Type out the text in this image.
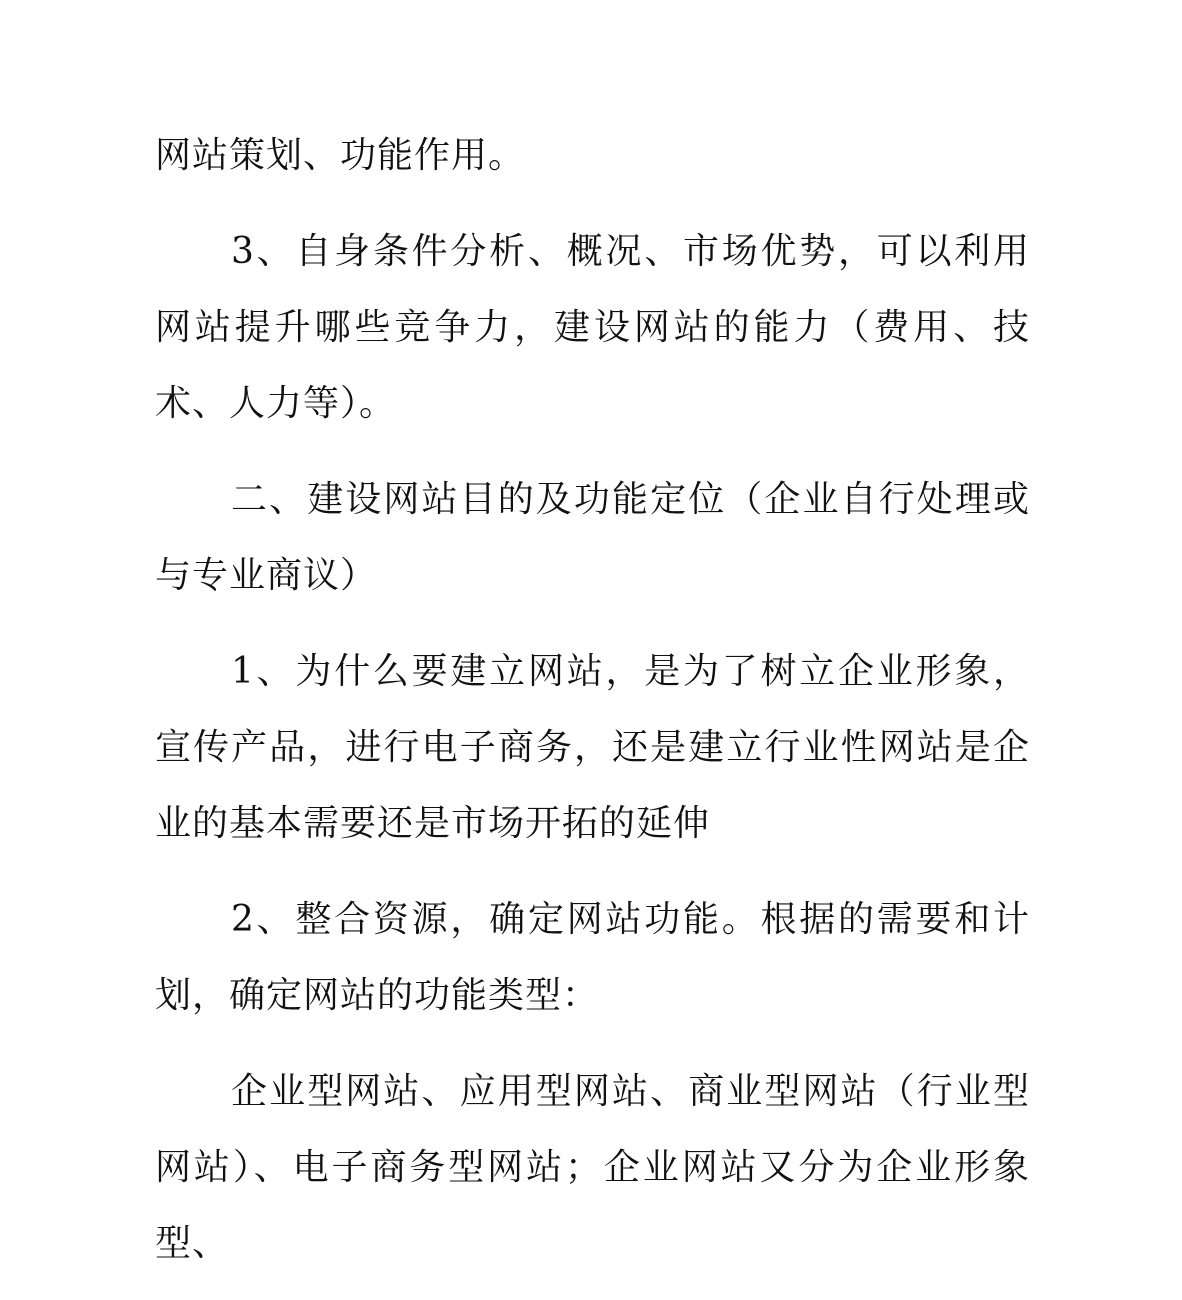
网站策划、功能作用。

3、自身条件分析、概况、市场优势，可以利用网站提升哪些竞争力，建设网站的能力（费用、技术、人力等）。

二、建设网站目的及功能定位（企业自行处理或与专业商议）

1、为什么要建立网站，是为了树立企业形象，宣传产品，进行电子商务，还是建立行业性网站是企业的基本需要还是市场开拓的延伸

2、整合资源，确定网站功能。根据的需要和计划，确定网站的功能类型：

企业型网站、应用型网站、商业型网站（行业型网站）、电子商务型网站；企业网站又分为企业形象型、
